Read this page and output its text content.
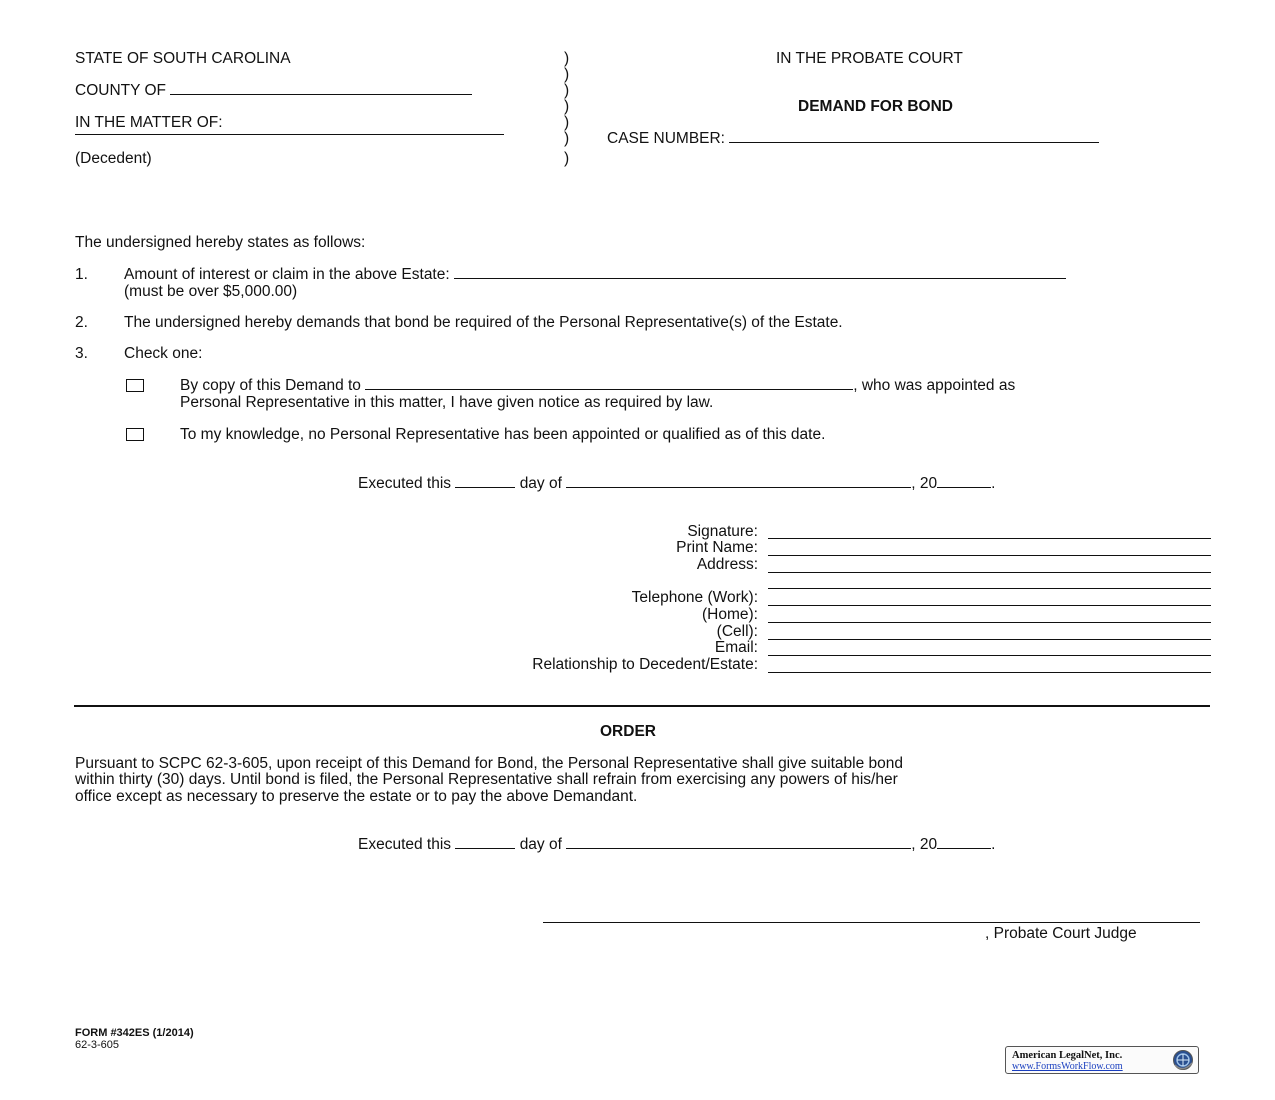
STATE OF SOUTH CAROLINA
COUNTY OF
IN THE MATTER OF:
(Decedent)
)
)
)
)
)
)
)
IN THE PROBATE COURT
DEMAND FOR BOND
CASE NUMBER:
The undersigned hereby states as follows:
1. Amount of interest or claim in the above Estate:
(must be over $5,000.00)
2. The undersigned hereby demands that bond be required of the Personal Representative(s) of the Estate.
3. Check one:
By copy of this Demand to	, who was appointed as
Personal Representative in this matter, I have given notice as required by law.
To my knowledge, no Personal Representative has been appointed or qualified as of this date.
Executed this	day of	, 20	.
Signature:
Print Name:
Address:
Telephone (Work):
(Home):
(Cell):
Email:
Relationship to Decedent/Estate:
ORDER
Pursuant to SCPC 62-3-605, upon receipt of this Demand for Bond, the Personal Representative shall give suitable bond
within thirty (30) days. Until bond is filed, the Personal Representative shall refrain from exercising any powers of his/her
office except as necessary to preserve the estate or to pay the above Demandant.
Executed this	day of	, 20	.
, Probate Court Judge
FORM #342ES (1/2014)
62-3-605
American LegalNet, Inc.
www.FormsWorkFlow.com
